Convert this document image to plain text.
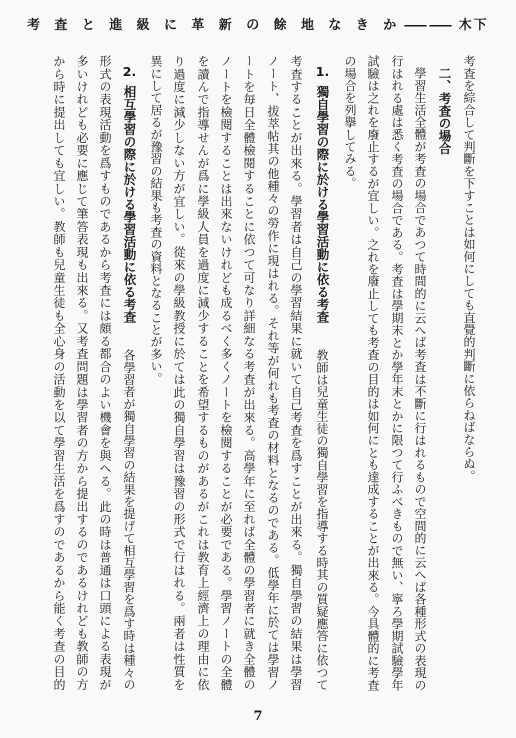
考査と進級に革新の餘地なきか—— 木下
考査を綜合して判斷を下すことは如何にしても直覺的判斷に依らねばならぬ。
二、考査の場合
學習生活全體が考査の場合であつて時間的に云へば考査は不斷に行はれるもので空間的に云へば各種形式の表現の
行はれる處は悉く考査の場合である。考査は學期末とか學年末とかに限つて行ふべきもので無い、寧ろ學期試驗學年
試驗は之れを廢止するが宜しい。之れを廢止しても考査の目的は如何にとも達成することが出來る。今具體的に考査
の場合を列擧してみる。
1.獨自學習の際に於ける學習活動に依る考査
教師は兒童生徒の獨自學習を指導する時其の質疑應答に依つて
考査することが出來る。學習者は自己の學習結果に就いて自己考査を爲すことが出來る。獨自學習の結果は學習
ノート、拔萃帖其の他種々の勞作に現はれる。それ等が何れも考査の材料となるのである。低學年に於ては學習ノ
ートを毎日全體檢閱することに依つて可なり詳細なる考査が出來る。高學年に至れば全體の學習者に就き全體の
ノートを檢閱することは出來ないけれども成るべく多くノートを檢閱することが必要である。學習ノートの全體
を讀んで指導せんが爲に學級人員を過度に減少することを希望するものがあるがこれは教育上經濟上の理由に依
り過度に減少しない方が宜しい。從來の學級教授に於ては此の獨自學習は豫習の形式で行はれる。兩者は性質を
異にして居るが豫習の結果も考査の資料となることが多い。
2.相互學習の際に於ける學習活動に依る考査
各學習者が獨自學習の結果を提げて相互學習を爲す時は種々の
形式の表現活動を爲すものであるから考査には頗る都合のよい機會を與へる。此の時は普通は口頭による表現が
多いけれども必要に應じて筆答表現も出來る。又考査問題は學習者の方から提出するのであるけれども教師の方
から時に提出しても宜しい。教師も兒童生徒も全心身の活動を以て學習生活を爲すのであるから能く考査の目的
7
